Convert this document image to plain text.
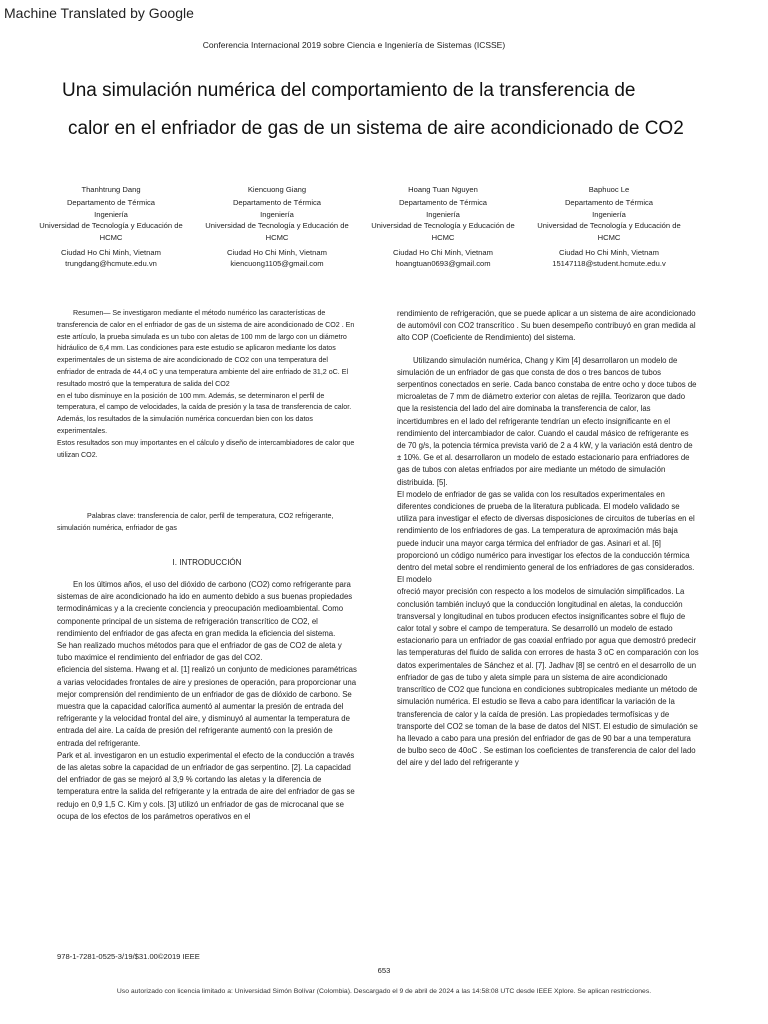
Machine Translated by Google
Conferencia Internacional 2019 sobre Ciencia e Ingeniería de Sistemas (ICSSE)
Una simulación numérica del comportamiento de la transferencia de
calor en el enfriador de gas de un sistema de aire acondicionado de CO2
Thanhtrung Dang
Departamento de Térmica
Ingeniería
Universidad de Tecnología y Educación de HCMC
Ciudad Ho Chi Minh, Vietnam
trungdang@hcmute.edu.vn
Kiencuong Giang
Departamento de Térmica
Ingeniería
Universidad de Tecnología y Educación de HCMC
Ciudad Ho Chi Minh, Vietnam
kiencuong1105@gmail.com
Hoang Tuan Nguyen
Departamento de Térmica
Ingeniería
Universidad de Tecnología y Educación de HCMC
Ciudad Ho Chi Minh, Vietnam
hoangtuan0693@gmail.com
Baphuoc Le
Departamento de Térmica
Ingeniería
Universidad de Tecnología y Educación de HCMC
Ciudad Ho Chi Minh, Vietnam
15147118@student.hcmute.edu.v

Resumen— Se investigaron mediante el método numérico las características de transferencia de calor en el enfriador de gas de un sistema de aire acondicionado de CO2 . En este artículo, la prueba simulada es un tubo con aletas de 100 mm de largo con un diámetro hidráulico de 6,4 mm. Las condiciones para este estudio se aplicaron mediante los datos experimentales de un sistema de aire acondicionado de CO2 con una temperatura del enfriador de entrada de 44,4 oC y una temperatura ambiente del aire enfriado de 31,2 oC. El resultado mostró que la temperatura de salida del CO2

en el tubo disminuye en la posición de 100 mm. Además, se determinaron el perfil de temperatura, el campo de velocidades, la caída de presión y la tasa de transferencia de calor. Además, los resultados de la simulación numérica concuerdan bien con los datos experimentales.

Estos resultados son muy importantes en el cálculo y diseño de intercambiadores de calor que utilizan CO2.

Palabras clave: transferencia de calor, perfil de temperatura, CO2 refrigerante, simulación numérica, enfriador de gas

I. INTRODUCCIÓN

En los últimos años, el uso del dióxido de carbono (CO2) como refrigerante para sistemas de aire acondicionado ha ido en aumento debido a sus buenas propiedades termodinámicas y a la creciente conciencia y preocupación medioambiental. Como componente principal de un sistema de refrigeración transcrítico de CO2, el rendimiento del enfriador de gas afecta en gran medida la eficiencia del sistema.

Se han realizado muchos métodos para que el enfriador de gas de CO2 de aleta y tubo maximice el rendimiento del enfriador de gas del CO2.

eficiencia del sistema. Hwang et al. [1] realizó un conjunto de mediciones paramétricas a varias velocidades frontales de aire y presiones de operación, para proporcionar una mejor comprensión del rendimiento de un enfriador de gas de dióxido de carbono. Se muestra que la capacidad calorífica aumentó al aumentar la presión de entrada del refrigerante y la velocidad frontal del aire, y disminuyó al aumentar la temperatura de entrada del aire. La caída de presión del refrigerante aumentó con la presión de entrada del refrigerante.

Park et al. investigaron en un estudio experimental el efecto de la conducción a través de las aletas sobre la capacidad de un enfriador de gas serpentino. [2]. La capacidad del enfriador de gas se mejoró al 3,9 % cortando las aletas y la diferencia de temperatura entre la salida del refrigerante y la entrada de aire del enfriador de gas se redujo en 0,9 1,5 C. Kim y cols. [3] utilizó un enfriador de gas de microcanal que se ocupa de los efectos de los parámetros operativos en el

rendimiento de refrigeración, que se puede aplicar a un sistema de aire acondicionado de automóvil con CO2 transcrítico . Su buen desempeño contribuyó en gran medida al alto COP (Coeficiente de Rendimiento) del sistema.

Utilizando simulación numérica, Chang y Kim [4] desarrollaron un modelo de simulación de un enfriador de gas que consta de dos o tres bancos de tubos serpentinos conectados en serie. Cada banco constaba de entre ocho y doce tubos de microaletas de 7 mm de diámetro exterior con aletas de rejilla. Teorizaron que dado que la resistencia del lado del aire dominaba la transferencia de calor, las incertidumbres en el lado del refrigerante tendrían un efecto insignificante en el rendimiento del intercambiador de calor. Cuando el caudal másico de refrigerante es de 70 g/s, la potencia térmica prevista varió de 2 a 4 kW, y la variación está dentro de ± 10%. Ge et al. desarrollaron un modelo de estado estacionario para enfriadores de gas de tubos con aletas enfriados por aire mediante un método de simulación distribuida. [5].

El modelo de enfriador de gas se valida con los resultados experimentales en diferentes condiciones de prueba de la literatura publicada. El modelo validado se utiliza para investigar el efecto de diversas disposiciones de circuitos de tuberías en el rendimiento de los enfriadores de gas. La temperatura de aproximación más baja puede inducir una mayor carga térmica del enfriador de gas. Asinari et al. [6] proporcionó un código numérico para investigar los efectos de la conducción térmica dentro del metal sobre el rendimiento general de los enfriadores de gas considerados. El modelo

ofreció mayor precisión con respecto a los modelos de simulación simplificados. La conclusión también incluyó que la conducción longitudinal en aletas, la conducción transversal y longitudinal en tubos producen efectos insignificantes sobre el flujo de calor total y sobre el campo de temperatura. Se desarrolló un modelo de estado estacionario para un enfriador de gas coaxial enfriado por agua que demostró predecir las temperaturas del fluido de salida con errores de hasta 3 oC en comparación con los datos experimentales de Sánchez et al. [7]. Jadhav [8] se centró en el desarrollo de un enfriador de gas de tubo y aleta simple para un sistema de aire acondicionado transcrítico de CO2 que funciona en condiciones subtropicales mediante un método de simulación numérica. El estudio se lleva a cabo para identificar la variación de la transferencia de calor y la caída de presión. Las propiedades termofísicas y de transporte del CO2 se toman de la base de datos del NIST. El estudio de simulación se ha llevado a cabo para una presión del enfriador de gas de 90 bar a una temperatura de bulbo seco de 40oC . Se estiman los coeficientes de transferencia de calor del lado del aire y del lado del refrigerante y

978-1-7281-0525-3/19/$31.00©2019 IEEE
653
Uso autorizado con licencia limitado a: Universidad Simón Bolívar (Colombia). Descargado el 9 de abril de 2024 a las 14:58:08 UTC desde IEEE Xplore. Se aplican restricciones.
